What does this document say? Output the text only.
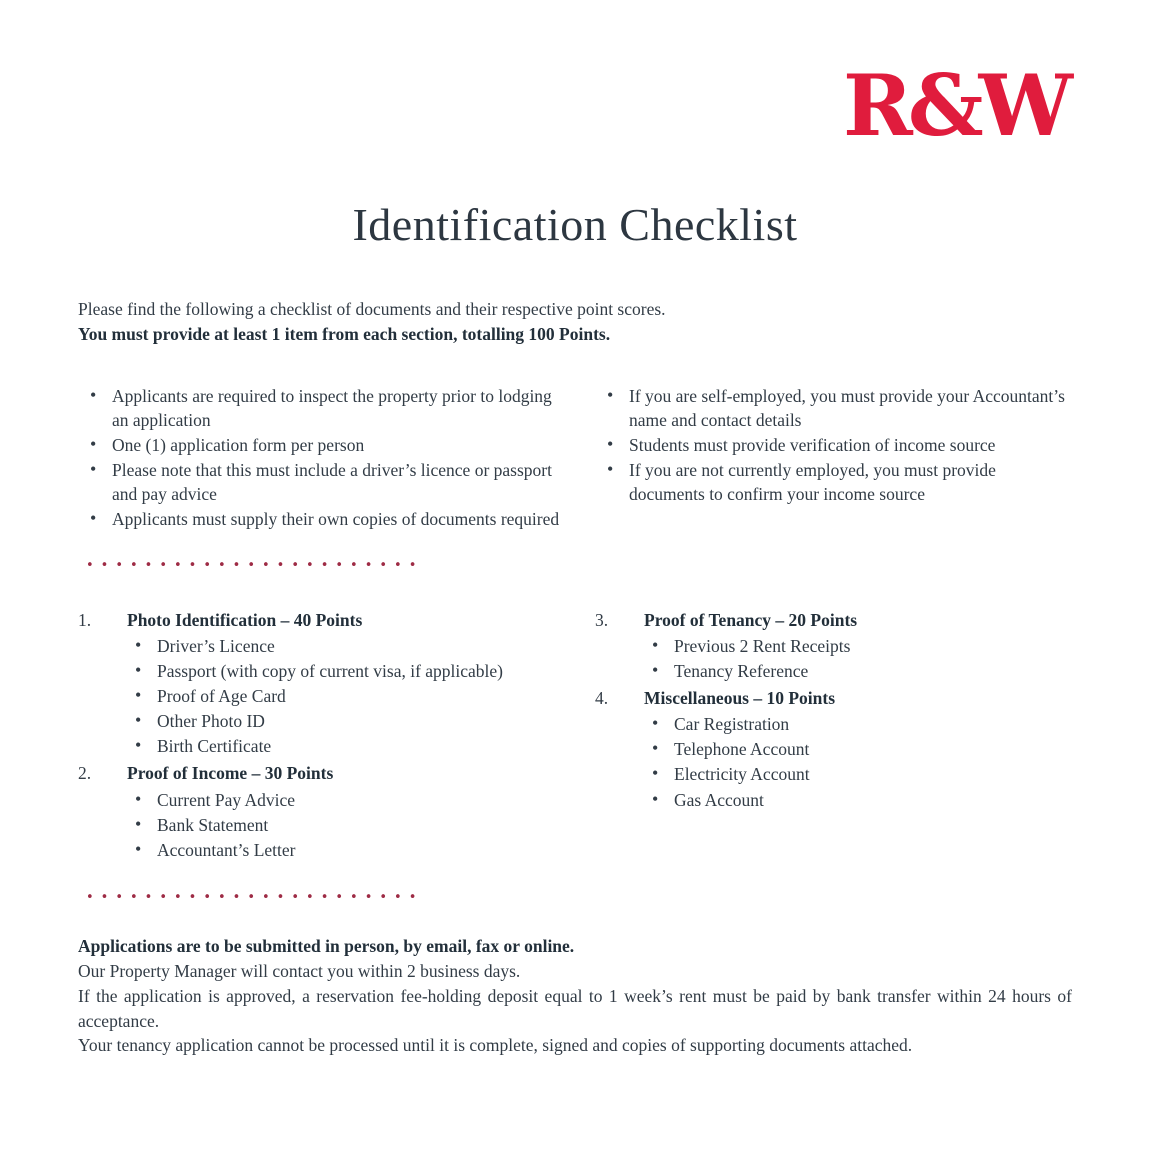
R&W
Identification Checklist

Please find the following a checklist of documents and their respective point scores.

You must provide at least 1 item from each section, totalling 100 Points.

• Applicants are required to inspect the property prior to lodging an application
• One (1) application form per person
• Please note that this must include a driver’s licence or passport and pay advice
• Applicants must supply their own copies of documents required
• If you are self-employed, you must provide your Accountant’s name and contact details
• Students must provide verification of income source
• If you are not currently employed, you must provide documents to confirm your income source
•••••••••••••••••••••••
1.	Photo Identification – 40 Points
• Driver’s Licence
• Passport (with copy of current visa, if applicable)
• Proof of Age Card
• Other Photo ID
• Birth Certificate
2.	Proof of Income – 30 Points
• Current Pay Advice
• Bank Statement
• Accountant’s Letter
3.	Proof of Tenancy – 20 Points
• Previous 2 Rent Receipts
• Tenancy Reference
4.	Miscellaneous – 10 Points
• Car Registration
• Telephone Account
• Electricity Account
• Gas Account
•••••••••••••••••••••••

Applications are to be submitted in person, by email, fax or online.

Our Property Manager will contact you within 2 business days.

If the application is approved, a reservation fee-holding deposit equal to 1 week’s rent must be paid by bank transfer within 24 hours of acceptance.

Your tenancy application cannot be processed until it is complete, signed and copies of supporting documents attached.
